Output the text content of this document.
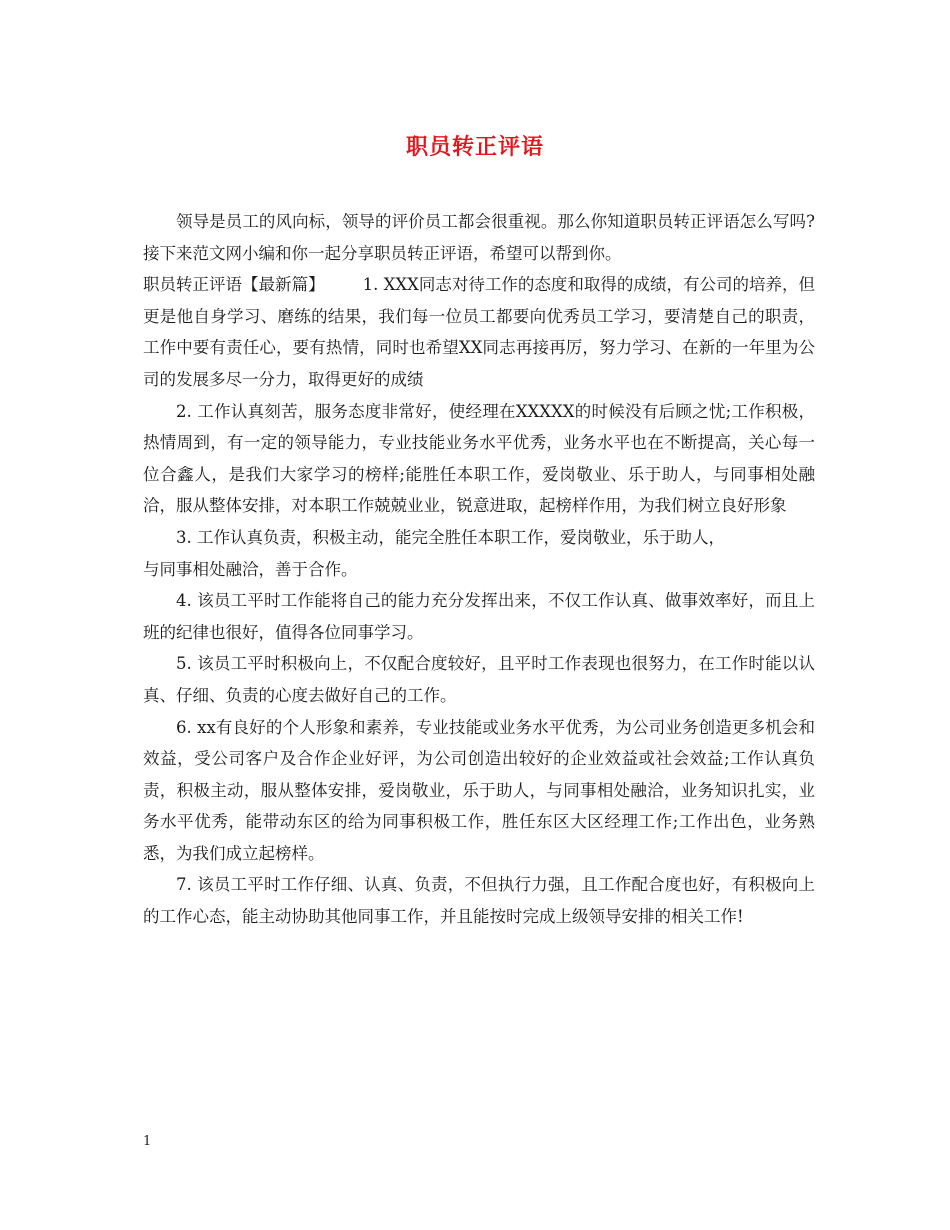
职员转正评语

领导是员工的风向标，领导的评价员工都会很重视。那么你知道职员转正评语怎么写吗?接下来范文网小编和你一起分享职员转正评语，希望可以帮到你。

职员转正评语【最新篇】 1. XXX同志对待工作的态度和取得的成绩，有公司的培养，但更是他自身学习、磨练的结果，我们每一位员工都要向优秀员工学习，要清楚自己的职责，工作中要有责任心，要有热情，同时也希望XX同志再接再厉，努力学习、在新的一年里为公司的发展多尽一分力，取得更好的成绩

2. 工作认真刻苦，服务态度非常好，使经理在XXXXX的时候没有后顾之忧;工作积极，热情周到，有一定的领导能力，专业技能业务水平优秀，业务水平也在不断提高，关心每一位合鑫人，是我们大家学习的榜样;能胜任本职工作，爱岗敬业、乐于助人，与同事相处融洽，服从整体安排，对本职工作兢兢业业，锐意进取，起榜样作用，为我们树立良好形象

3. 工作认真负责，积极主动，能完全胜任本职工作，爱岗敬业，乐于助人，

与同事相处融洽，善于合作。

4. 该员工平时工作能将自己的能力充分发挥出来，不仅工作认真、做事效率好，而且上班的纪律也很好，值得各位同事学习。

5. 该员工平时积极向上，不仅配合度较好，且平时工作表现也很努力，在工作时能以认真、仔细、负责的心度去做好自己的工作。

6. xx有良好的个人形象和素养，专业技能或业务水平优秀，为公司业务创造更多机会和效益，受公司客户及合作企业好评，为公司创造出较好的企业效益或社会效益;工作认真负责，积极主动，服从整体安排，爱岗敬业，乐于助人，与同事相处融洽，业务知识扎实，业务水平优秀，能带动东区的给为同事积极工作，胜任东区大区经理工作;工作出色，业务熟悉，为我们成立起榜样。

7. 该员工平时工作仔细、认真、负责，不但执行力强，且工作配合度也好，有积极向上的工作心态，能主动协助其他同事工作，并且能按时完成上级领导安排的相关工作!

1
